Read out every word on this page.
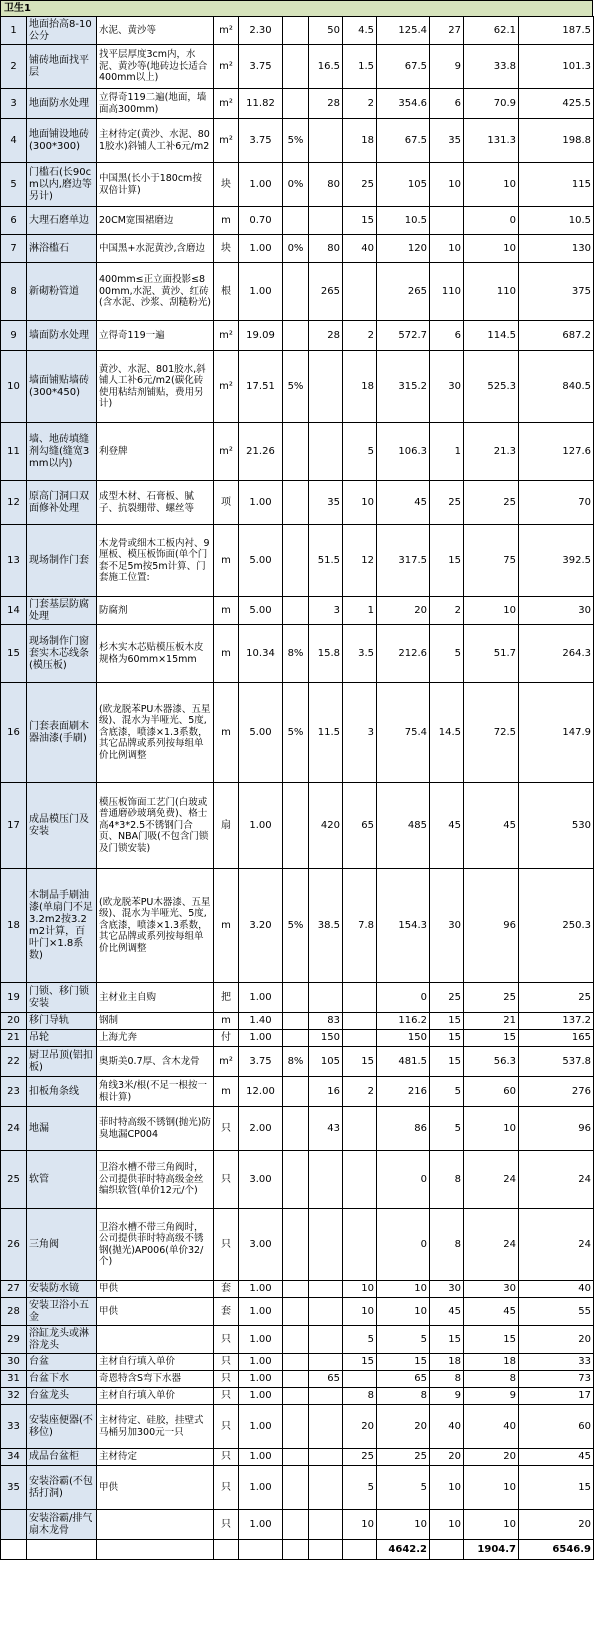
卫生1
1	地面抬高8-10公分	水泥、黄沙等	m²	2.30		50	4.5	125.4	27	62.1	187.5
2	铺砖地面找平层	找平层厚度3cm内，水泥、黄沙等(地砖边长适合400mm以上)	m²	3.75		16.5	1.5	67.5	9	33.8	101.3
3	地面防水处理	立得奇119二遍(地面，墙面高300mm)	m²	11.82		28	2	354.6	6	70.9	425.5
4	地面铺设地砖(300*300)	主材待定(黄沙、水泥、801胶水)斜铺人工补6元/m2	m²	3.75	5%		18	67.5	35	131.3	198.8
5	门槛石(长90cm以内,磨边等另计)	中国黑(长小于180cm按双倍计算)	块	1.00	0%	80	25	105	10	10	115
6	大理石磨单边	20CM宽围裙磨边	m	0.70			15	10.5		0	10.5
7	淋浴槛石	中国黑+水泥黄沙,含磨边	块	1.00	0%	80	40	120	10	10	130
8	新砌粉管道	400mm≤正立面投影≤800mm,水泥、黄沙、红砖(含水泥、沙浆、刮糙粉光)	根	1.00		265		265	110	110	375
9	墙面防水处理	立得奇119一遍	m²	19.09		28	2	572.7	6	114.5	687.2
10	墙面铺贴墙砖(300*450)	黄沙、水泥、801胶水,斜铺人工补6元/m2(碳化砖使用粘结剂铺贴，费用另计)	m²	17.51	5%		18	315.2	30	525.3	840.5
11	墙、地砖填缝剂勾缝(缝宽3mm以内)	利登牌	m²	21.26			5	106.3	1	21.3	127.6
12	原高门洞口双面修补处理	成型木材、石膏板、腻子、抗裂绷带、螺丝等	项	1.00		35	10	45	25	25	70
13	现场制作门套	木龙骨或细木工板内衬、9厘板、模压板饰面(单个门套不足5m按5m计算、门套施工位置:	m	5.00		51.5	12	317.5	15	75	392.5
14	门套基层防腐处理	防腐剂	m	5.00		3	1	20	2	10	30
15	现场制作门窗套实木芯线条(模压板)	杉木实木芯贴模压板木皮规格为60mm×15mm	m	10.34	8%	15.8	3.5	212.6	5	51.7	264.3
16	门套表面刷木器油漆(手刷)	(欧龙脱苯PU木器漆、五星级)、混水为半哑光、5度,含底漆，喷漆×1.3系数，其它品牌或系列按每组单价比例调整	m	5.00	5%	11.5	3	75.4	14.5	72.5	147.9
17	成品模压门及安装	模压板饰面工艺门(白玻或普通磨砂玻璃免费)、格士高4*3*2.5不锈钢门合页、NBA门吸(不包含门锁及门锁安装)	扇	1.00		420	65	485	45	45	530
18	木制品手刷油漆(单扇门不足3.2m2按3.2m2计算，百叶门×1.8系数)	(欧龙脱苯PU木器漆、五星级)、混水为半哑光、5度,含底漆，喷漆×1.3系数，其它品牌或系列按每组单价比例调整	m	3.20	5%	38.5	7.8	154.3	30	96	250.3
19	门锁、移门锁安装	主材业主自购	把	1.00				0	25	25	25
20	移门导轨	钢制	m	1.40		83		116.2	15	21	137.2
21	吊轮	上海尤奔	付	1.00		150		150	15	15	165
22	厨卫吊顶(铝扣板)	奥斯美0.7厚、含木龙骨	m²	3.75	8%	105	15	481.5	15	56.3	537.8
23	扣板角条线	角线3米/根(不足一根按一根计算)	m	12.00		16	2	216	5	60	276
24	地漏	菲时特高级不锈钢(抛光)防臭地漏CP004	只	2.00		43		86	5	10	96
25	软管	卫浴水槽不带三角阀时，公司提供菲时特高级金丝编织软管(单价12元/个)	只	3.00				0	8	24	24
26	三角阀	卫浴水槽不带三角阀时，公司提供菲时特高级不锈钢(抛光)AP006(单价32/个)	只	3.00				0	8	24	24
27	安装防水镜	甲供	套	1.00			10	10	30	30	40
28	安装卫浴小五金	甲供	套	1.00			10	10	45	45	55
29	浴缸龙头或淋浴龙头		只	1.00			5	5	15	15	20
30	台盆	主材自行填入单价	只	1.00			15	15	18	18	33
31	台盆下水	奇恩特含S弯下水器	只	1.00		65		65	8	8	73
32	台盆龙头	主材自行填入单价	只	1.00			8	8	9	9	17
33	安装座便器(不移位)	主材待定、硅胶，挂壁式马桶另加300元一只	只	1.00			20	20	40	40	60
34	成品台盆柜	主材待定	只	1.00			25	25	20	20	45
35	安装浴霸(不包括打洞)	甲供	只	1.00			5	5	10	10	15
	安装浴霸/排气扇木龙骨		只	1.00			10	10	10	10	20
								4642.2		1904.7	6546.9
